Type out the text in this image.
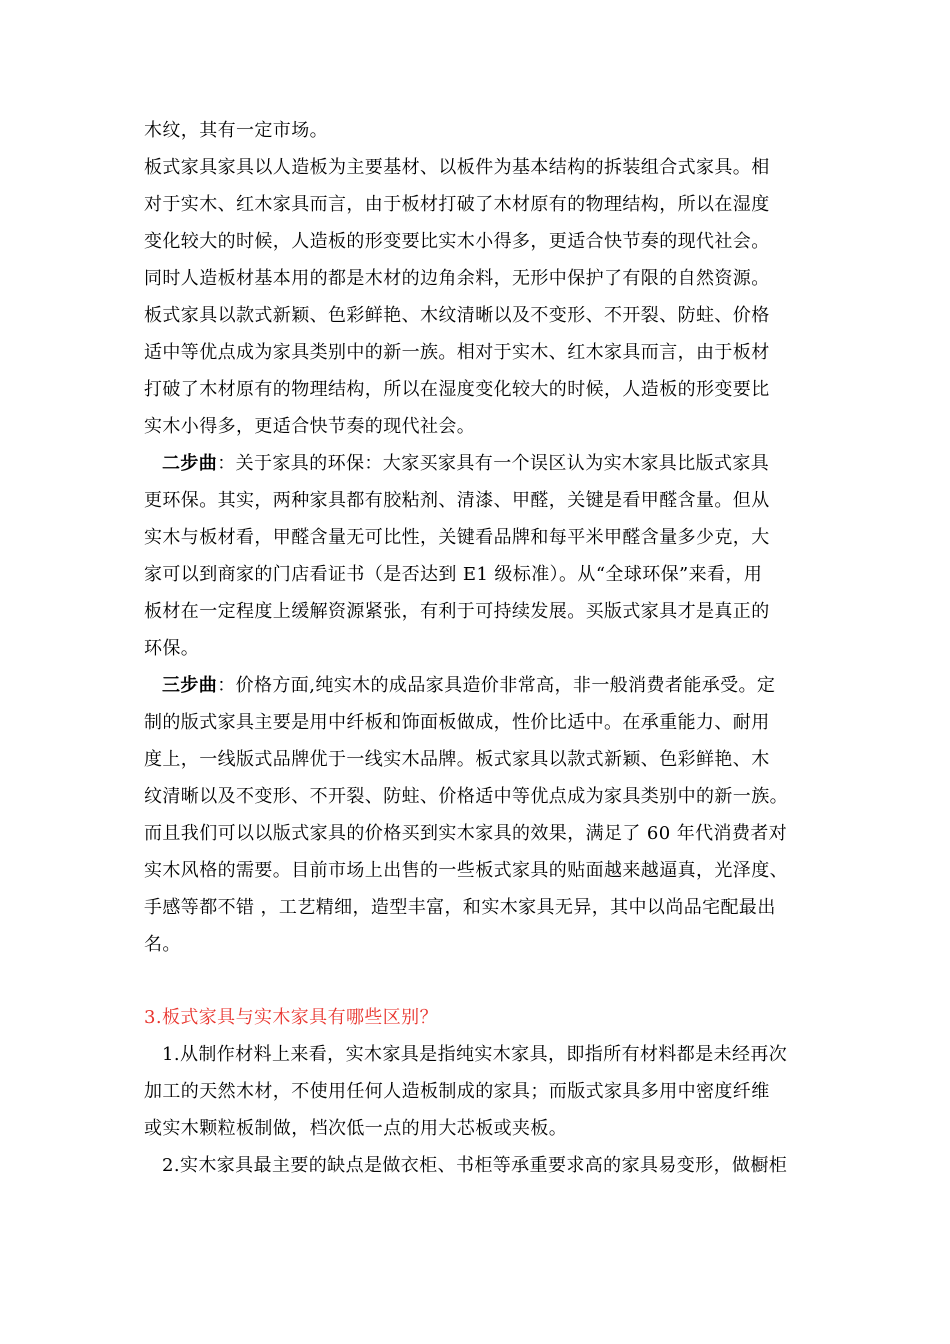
木纹，其有一定市场。
板式家具家具以人造板为主要基材、以板件为基本结构的拆装组合式家具。相
对于实木、红木家具而言，由于板材打破了木材原有的物理结构，所以在湿度
变化较大的时候，人造板的形变要比实木小得多，更适合快节奏的现代社会。
同时人造板材基本用的都是木材的边角余料，无形中保护了有限的自然资源。
板式家具以款式新颖、色彩鲜艳、木纹清晰以及不变形、不开裂、防蛀、价格
适中等优点成为家具类别中的新一族。相对于实木、红木家具而言，由于板材
打破了木材原有的物理结构，所以在湿度变化较大的时候，人造板的形变要比
实木小得多，更适合快节奏的现代社会。
二步曲：关于家具的环保：大家买家具有一个误区认为实木家具比版式家具
更环保。其实，两种家具都有胶粘剂、清漆、甲醛，关键是看甲醛含量。但从
实木与板材看，甲醛含量无可比性，关键看品牌和每平米甲醛含量多少克，大
家可以到商家的门店看证书（是否达到 E1 级标准）。从“全球环保”来看，用
板材在一定程度上缓解资源紧张，有利于可持续发展。买版式家具才是真正的
环保。
三步曲：价格方面,纯实木的成品家具造价非常高，非一般消费者能承受。定
制的版式家具主要是用中纤板和饰面板做成，性价比适中。在承重能力、耐用
度上，一线版式品牌优于一线实木品牌。板式家具以款式新颖、色彩鲜艳、木
纹清晰以及不变形、不开裂、防蛀、价格适中等优点成为家具类别中的新一族。
而且我们可以以版式家具的价格买到实木家具的效果，满足了 60 年代消费者对
实木风格的需要。目前市场上出售的一些板式家具的贴面越来越逼真，光泽度、
手感等都不错 ，工艺精细，造型丰富，和实木家具无异，其中以尚品宅配最出
名。
3.板式家具与实木家具有哪些区别？
1.从制作材料上来看，实木家具是指纯实木家具，即指所有材料都是未经再次
加工的天然木材，不使用任何人造板制成的家具；而版式家具多用中密度纤维
或实木颗粒板制做，档次低一点的用大芯板或夹板。
2.实木家具最主要的缺点是做衣柜、书柜等承重要求高的家具易变形，做橱柜
